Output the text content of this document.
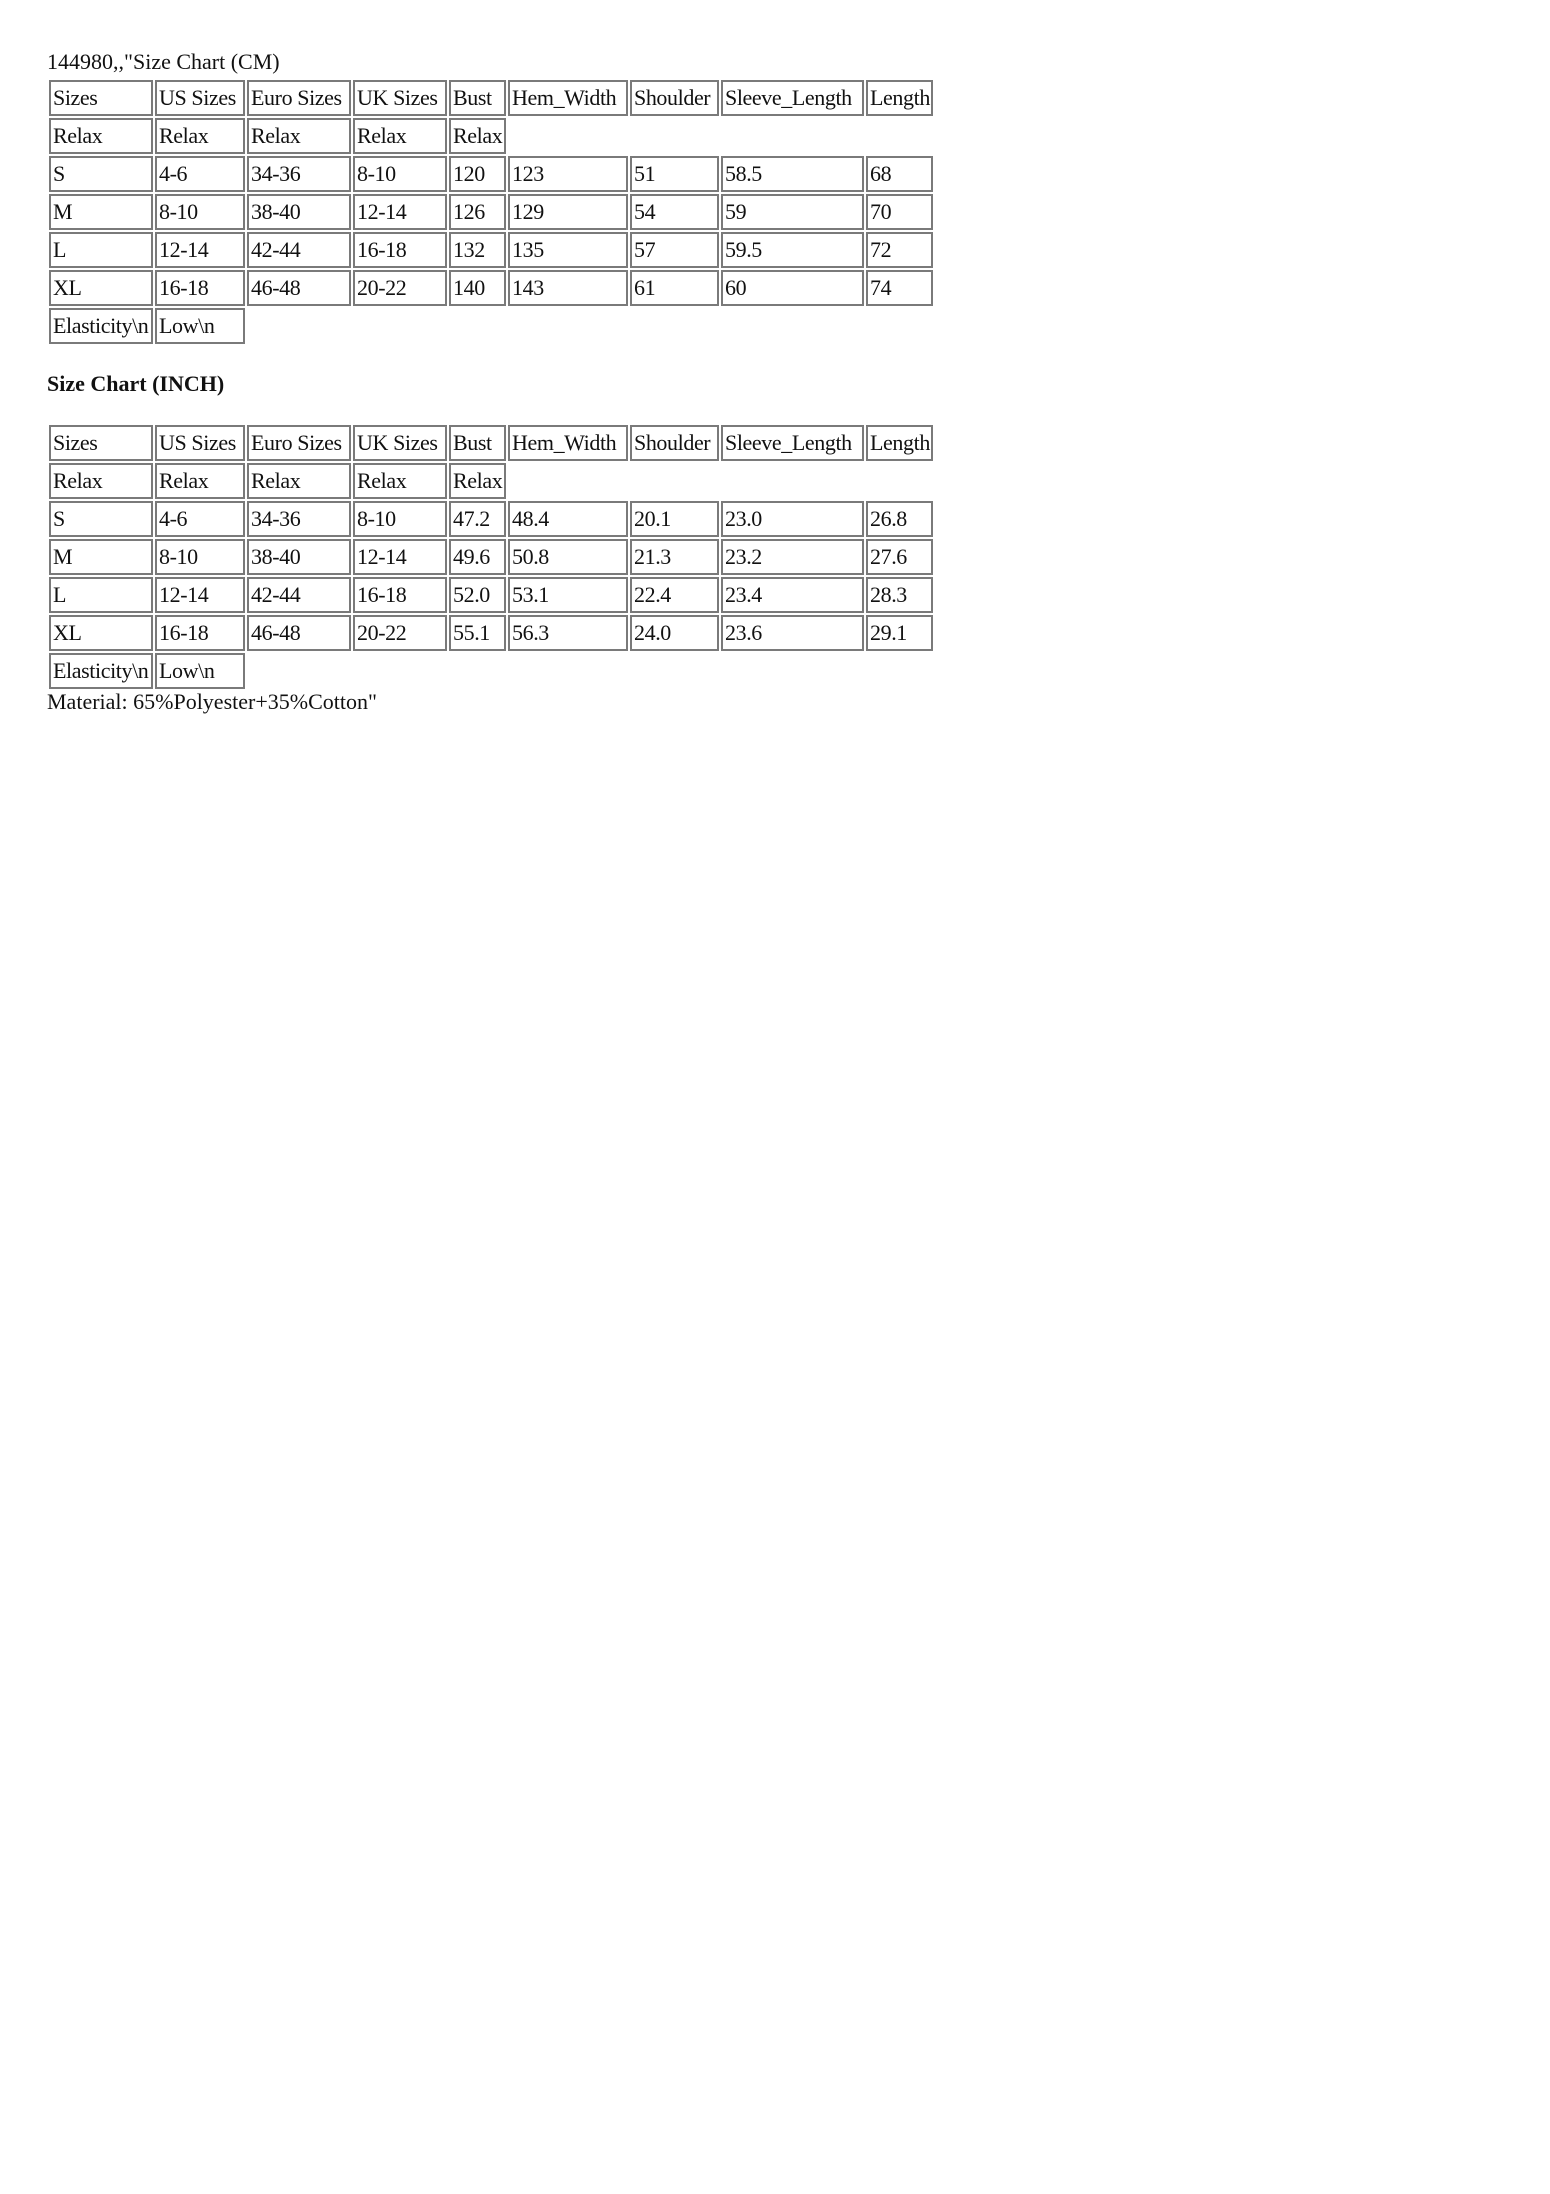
144980,,"Size Chart (CM)
Sizes	US Sizes	Euro Sizes	UK Sizes	Bust	Hem_Width	Shoulder	Sleeve_Length	Length
Relax	Relax	Relax	Relax	Relax				
S	4-6	34-36	8-10	120	123	51	58.5	68
M	8-10	38-40	12-14	126	129	54	59	70
L	12-14	42-44	16-18	132	135	57	59.5	72
XL	16-18	46-48	20-22	140	143	61	60	74
Elasticity\n	Low\n							
Size Chart (INCH)
Sizes	US Sizes	Euro Sizes	UK Sizes	Bust	Hem_Width	Shoulder	Sleeve_Length	Length
Relax	Relax	Relax	Relax	Relax				
S	4-6	34-36	8-10	47.2	48.4	20.1	23.0	26.8
M	8-10	38-40	12-14	49.6	50.8	21.3	23.2	27.6
L	12-14	42-44	16-18	52.0	53.1	22.4	23.4	28.3
XL	16-18	46-48	20-22	55.1	56.3	24.0	23.6	29.1
Elasticity\n	Low\n							
Material: 65%Polyester+35%Cotton"
